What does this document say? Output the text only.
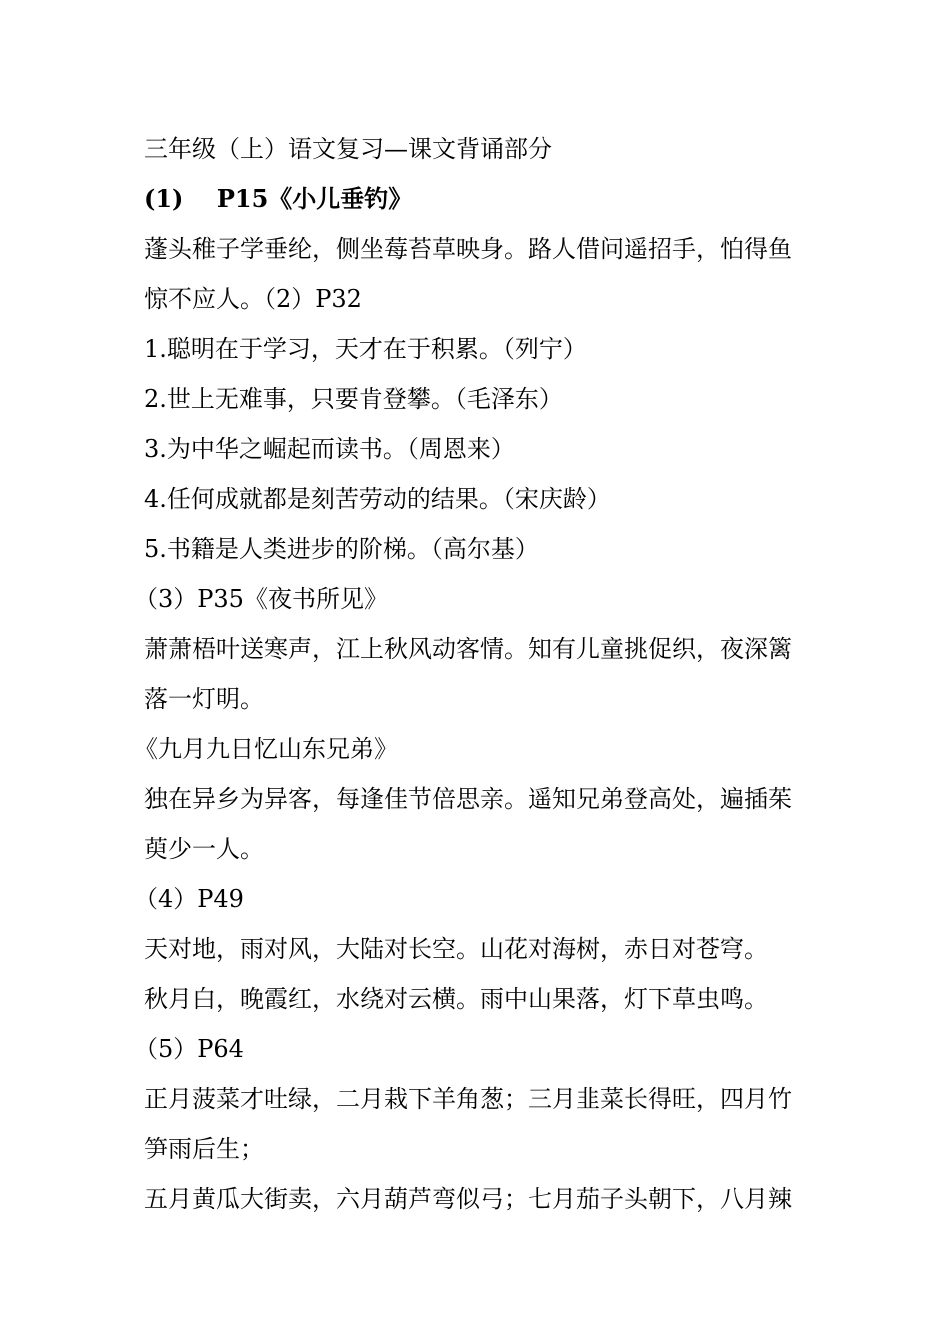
三年级（上）语文复习—课文背诵部分
(1)    P15《小儿垂钓》
蓬头稚子学垂纶，侧坐莓苔草映身。路人借问遥招手，怕得鱼
惊不应人。（2）P32
1.聪明在于学习，天才在于积累。（列宁）
2.世上无难事，只要肯登攀。（毛泽东）
3.为中华之崛起而读书。（周恩来）
4.任何成就都是刻苦劳动的结果。（宋庆龄）
5.书籍是人类进步的阶梯。（高尔基）
（3）P35《夜书所见》
萧萧梧叶送寒声，江上秋风动客情。知有儿童挑促织，夜深篱
落一灯明。
《九月九日忆山东兄弟》
独在异乡为异客，每逢佳节倍思亲。遥知兄弟登高处，遍插茱
萸少一人。
（4）P49
天对地，雨对风，大陆对长空。山花对海树，赤日对苍穹。
秋月白，晚霞红，水绕对云横。雨中山果落，灯下草虫鸣。
（5）P64
正月菠菜才吐绿，二月栽下羊角葱；三月韭菜长得旺，四月竹
笋雨后生；
五月黄瓜大街卖，六月葫芦弯似弓；七月茄子头朝下，八月辣
